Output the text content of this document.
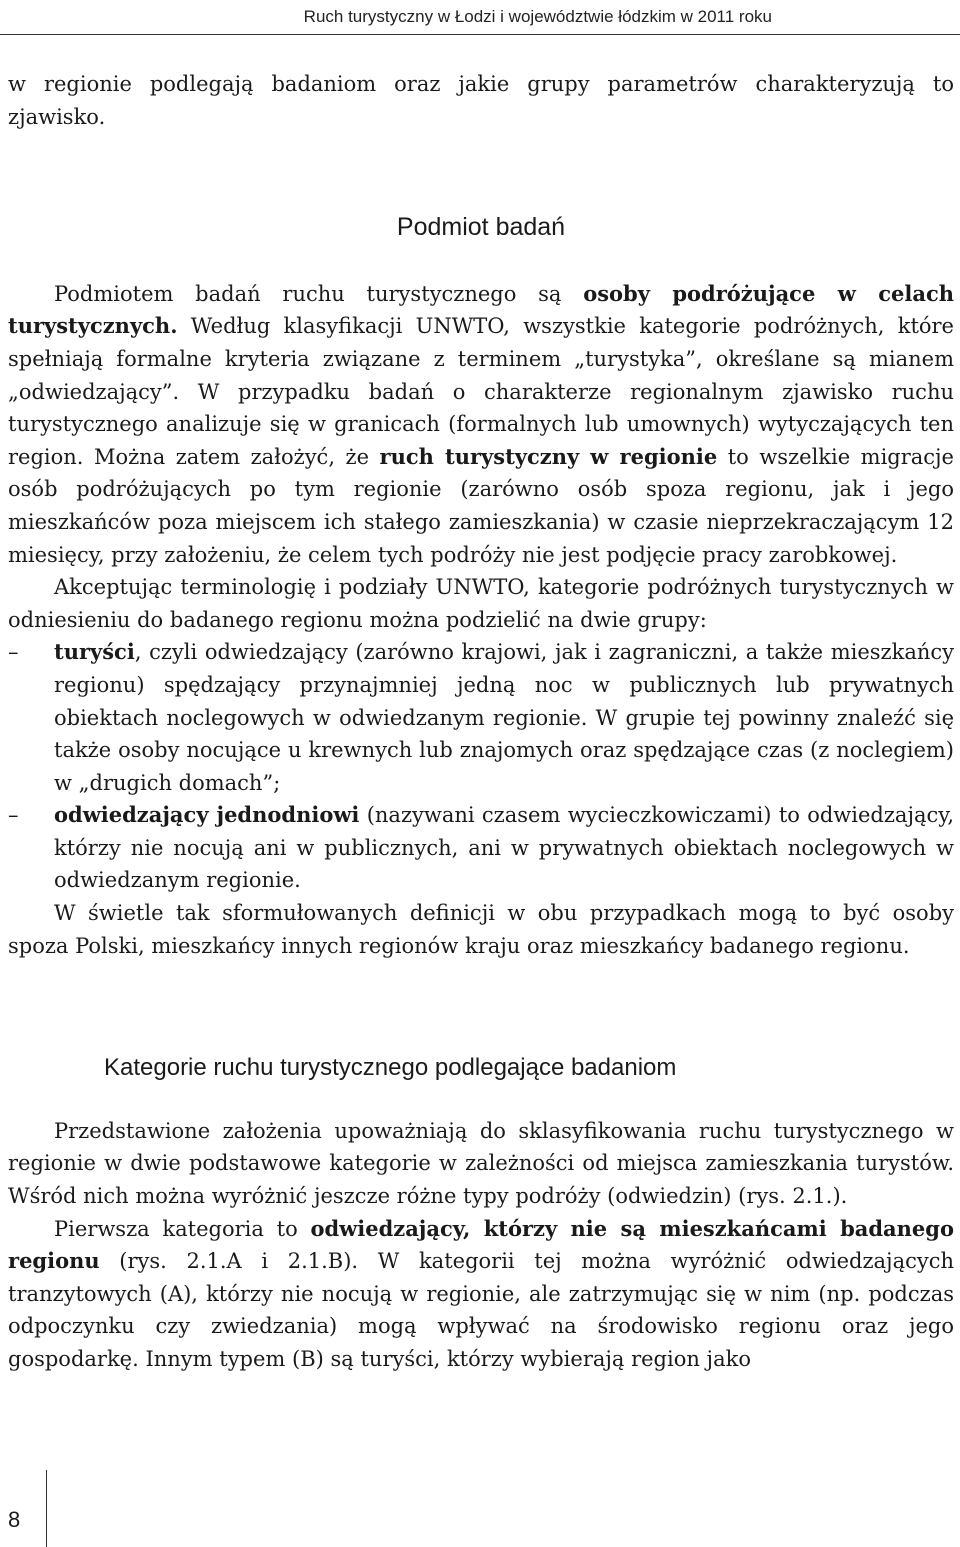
Ruch turystyczny w Łodzi i województwie łódzkim w 2011 roku

w regionie podlegają badaniom oraz jakie grupy parametrów charakteryzują to zjawisko.

Podmiot badań

Podmiotem badań ruchu turystycznego są osoby podróżujące w celach turystycznych. Według klasyfikacji UNWTO, wszystkie kategorie podróżnych, które spełniają formalne kryteria związane z terminem „turystyka”, określane są mianem „odwiedzający”. W przypadku badań o charakterze regionalnym zjawisko ruchu turystycznego analizuje się w granicach (formalnych lub umownych) wytyczających ten region. Można zatem założyć, że ruch turystyczny w regionie to wszelkie migracje osób podróżujących po tym regionie (zarówno osób spoza regionu, jak i jego mieszkańców poza miejscem ich stałego zamieszkania) w czasie nieprzekraczającym 12 miesięcy, przy założeniu, że celem tych podróży nie jest podjęcie pracy zarobkowej.

Akceptując terminologię i podziały UNWTO, kategorie podróżnych turystycznych w odniesieniu do badanego regionu można podzielić na dwie grupy:

– turyści, czyli odwiedzający (zarówno krajowi, jak i zagraniczni, a także mieszkańcy regionu) spędzający przynajmniej jedną noc w publicznych lub prywatnych obiektach noclegowych w odwiedzanym regionie. W grupie tej powinny znaleźć się także osoby nocujące u krewnych lub znajomych oraz spędzające czas (z noclegiem) w „drugich domach”;
– odwiedzający jednodniowi (nazywani czasem wycieczkowiczami) to odwiedzający, którzy nie nocują ani w publicznych, ani w prywatnych obiektach noclegowych w odwiedzanym regionie.

W świetle tak sformułowanych definicji w obu przypadkach mogą to być osoby spoza Polski, mieszkańcy innych regionów kraju oraz mieszkańcy badanego regionu.

Kategorie ruchu turystycznego podlegające badaniom

Przedstawione założenia upoważniają do sklasyfikowania ruchu turystycznego w regionie w dwie podstawowe kategorie w zależności od miejsca zamieszkania turystów. Wśród nich można wyróżnić jeszcze różne typy podróży (odwiedzin) (rys. 2.1.).

Pierwsza kategoria to odwiedzający, którzy nie są mieszkańcami badanego regionu (rys. 2.1.A i 2.1.B). W kategorii tej można wyróżnić odwiedzających tranzytowych (A), którzy nie nocują w regionie, ale zatrzymując się w nim (np. podczas odpoczynku czy zwiedzania) mogą wpływać na środowisko regionu oraz jego gospodarkę. Innym typem (B) są turyści, którzy wybierają region jako

8
